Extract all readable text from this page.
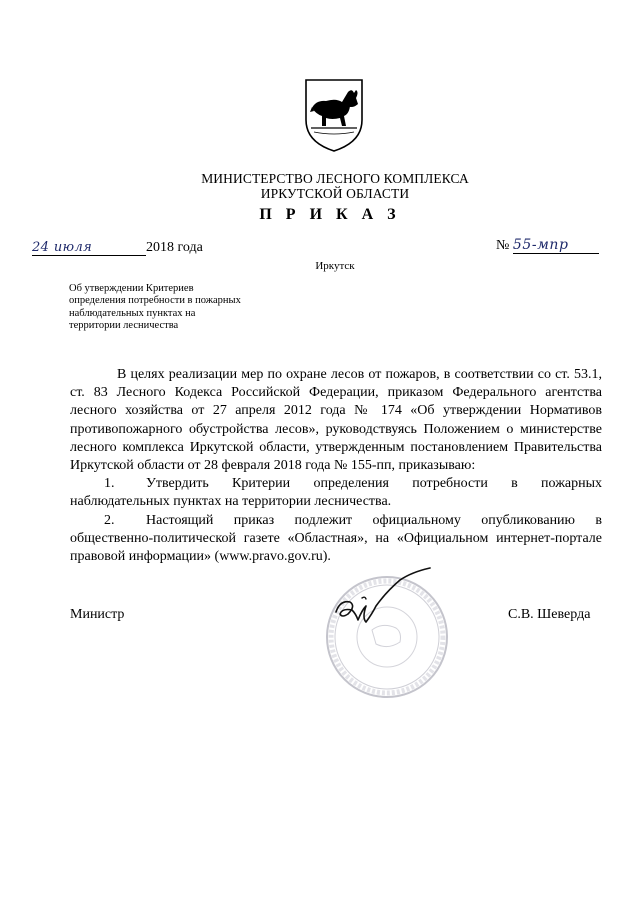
МИНИСТЕРСТВО ЛЕСНОГО КОМПЛЕКСА
ИРКУТСКОЙ ОБЛАСТИ
П Р И К А З
24 июля	2018 года	№ 55-мпр
Иркутск
Об утверждении Критериев
определения потребности в пожарных
наблюдательных пунктах на
территории лесничества

В целях реализации мер по охране лесов от пожаров, в соответствии со ст. 53.1, ст. 83 Лесного Кодекса Российской Федерации, приказом Федерального агентства лесного хозяйства от 27 апреля 2012 года № 174 «Об утверждении Нормативов противопожарного обустройства лесов», руководствуясь Положением о министерстве лесного комплекса Иркутской области, утвержденным постановлением Правительства Иркутской области от 28 февраля 2018 года № 155-пп, приказываю:

1. Утвердить Критерии определения потребности в пожарных наблюдательных пунктах на территории лесничества.

2. Настоящий приказ подлежит официальному опубликованию в общественно-политической газете «Областная», на «Официальном интернет-портале правовой информации» (www.pravo.gov.ru).

Министр	С.В. Шеверда
